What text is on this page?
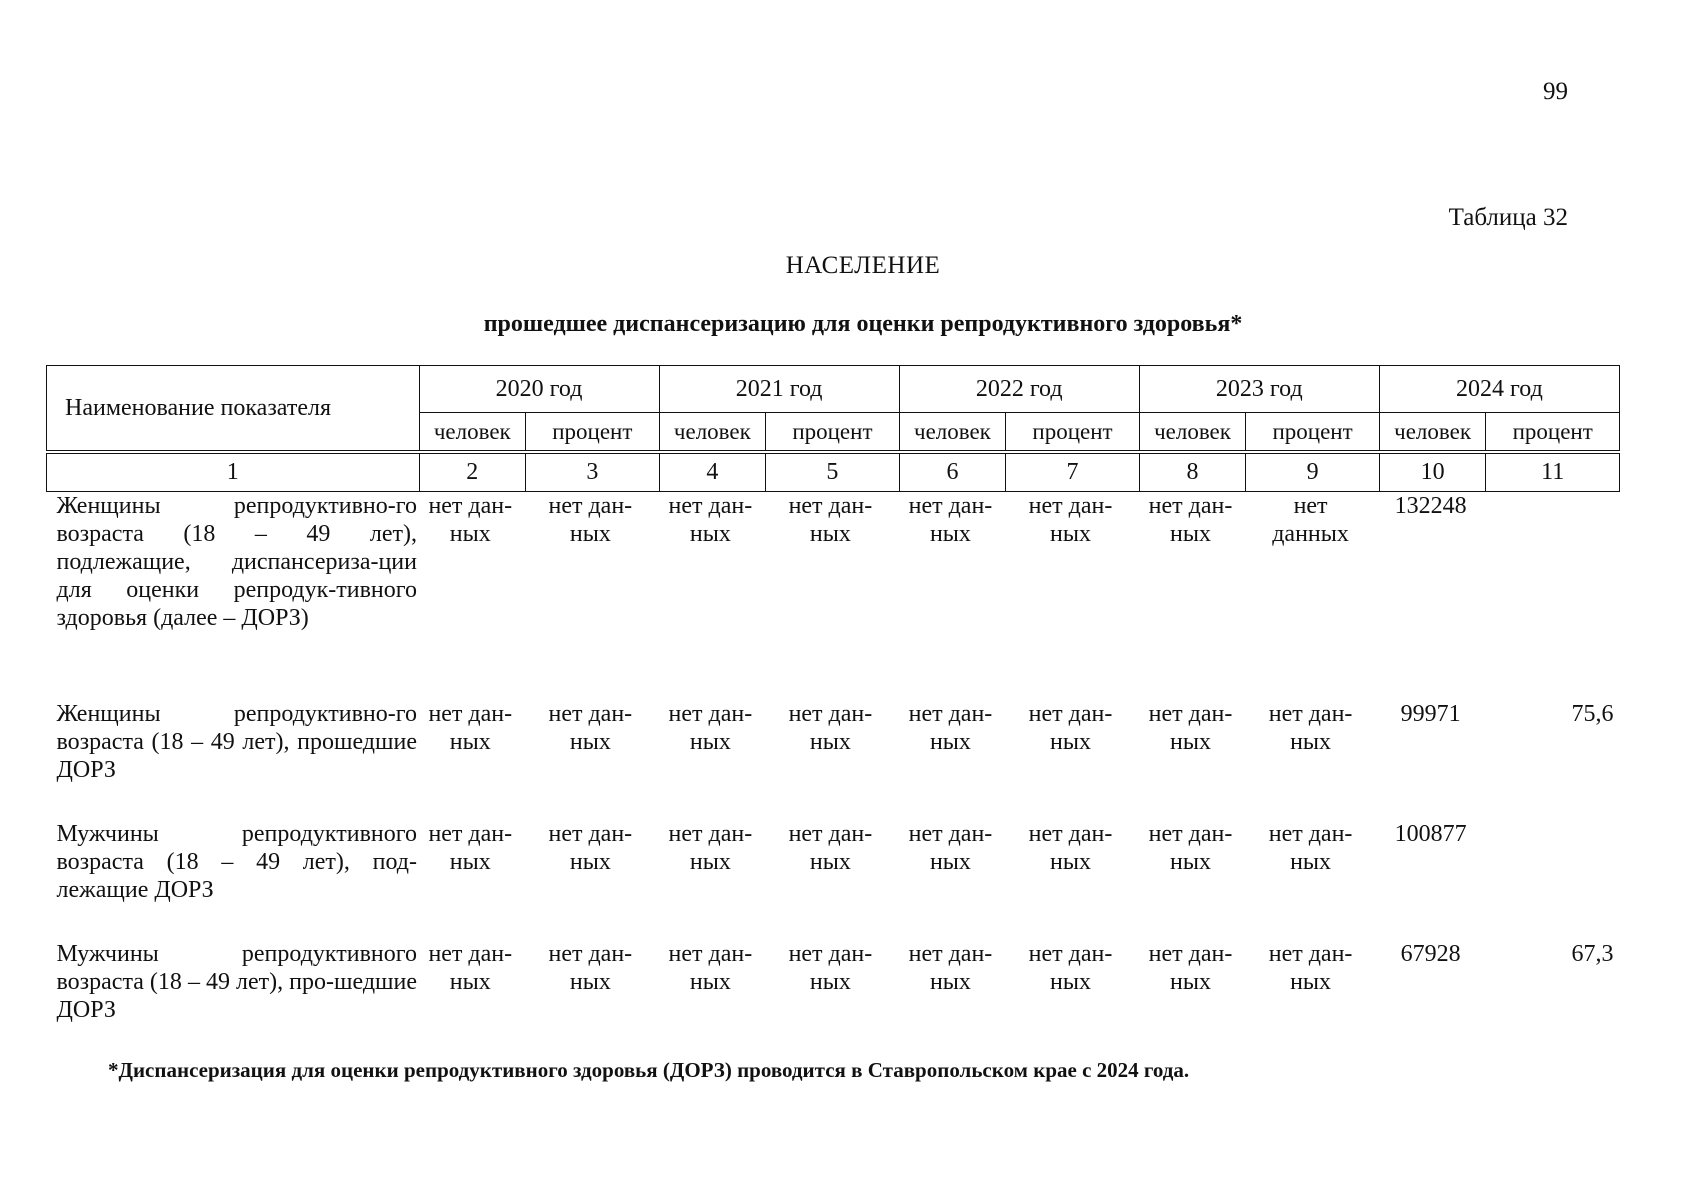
99
Таблица 32
НАСЕЛЕНИЕ
прошедшее диспансеризацию для оценки репродуктивного здоровья*
Наименование показателя	2020 год		2021 год		2022 год		2023 год		2024 год	
	человек	процент	человек	процент	человек	процент	человек	процент	человек	процент

1	2	3	4	5	6	7	8	9	10	11
Женщины репродуктивно-го возраста (18 – 49 лет), подлежащие, диспансериза-ции для оценки репродук-тивного здоровья (далее – ДОРЗ)	нет дан-ных	нет дан-ных	нет дан-ных	нет дан-ных	нет дан-ных	нет дан-ных	нет дан-ных	нет данных	132248	
Женщины репродуктивно-го возраста (18 – 49 лет), прошедшие ДОРЗ	нет дан-ных	нет дан-ных	нет дан-ных	нет дан-ных	нет дан-ных	нет дан-ных	нет дан-ных	нет дан-ных	99971	75,6
Мужчины репродуктивного возраста (18 – 49 лет), под-лежащие ДОРЗ	нет дан-ных	нет дан-ных	нет дан-ных	нет дан-ных	нет дан-ных	нет дан-ных	нет дан-ных	нет дан-ных	100877	
Мужчины репродуктивного возраста (18 – 49 лет), про-шедшие ДОРЗ	нет дан-ных	нет дан-ных	нет дан-ных	нет дан-ных	нет дан-ных	нет дан-ных	нет дан-ных	нет дан-ных	67928	67,3
*Диспансеризация для оценки репродуктивного здоровья (ДОРЗ) проводится в Ставропольском крае с 2024 года.
